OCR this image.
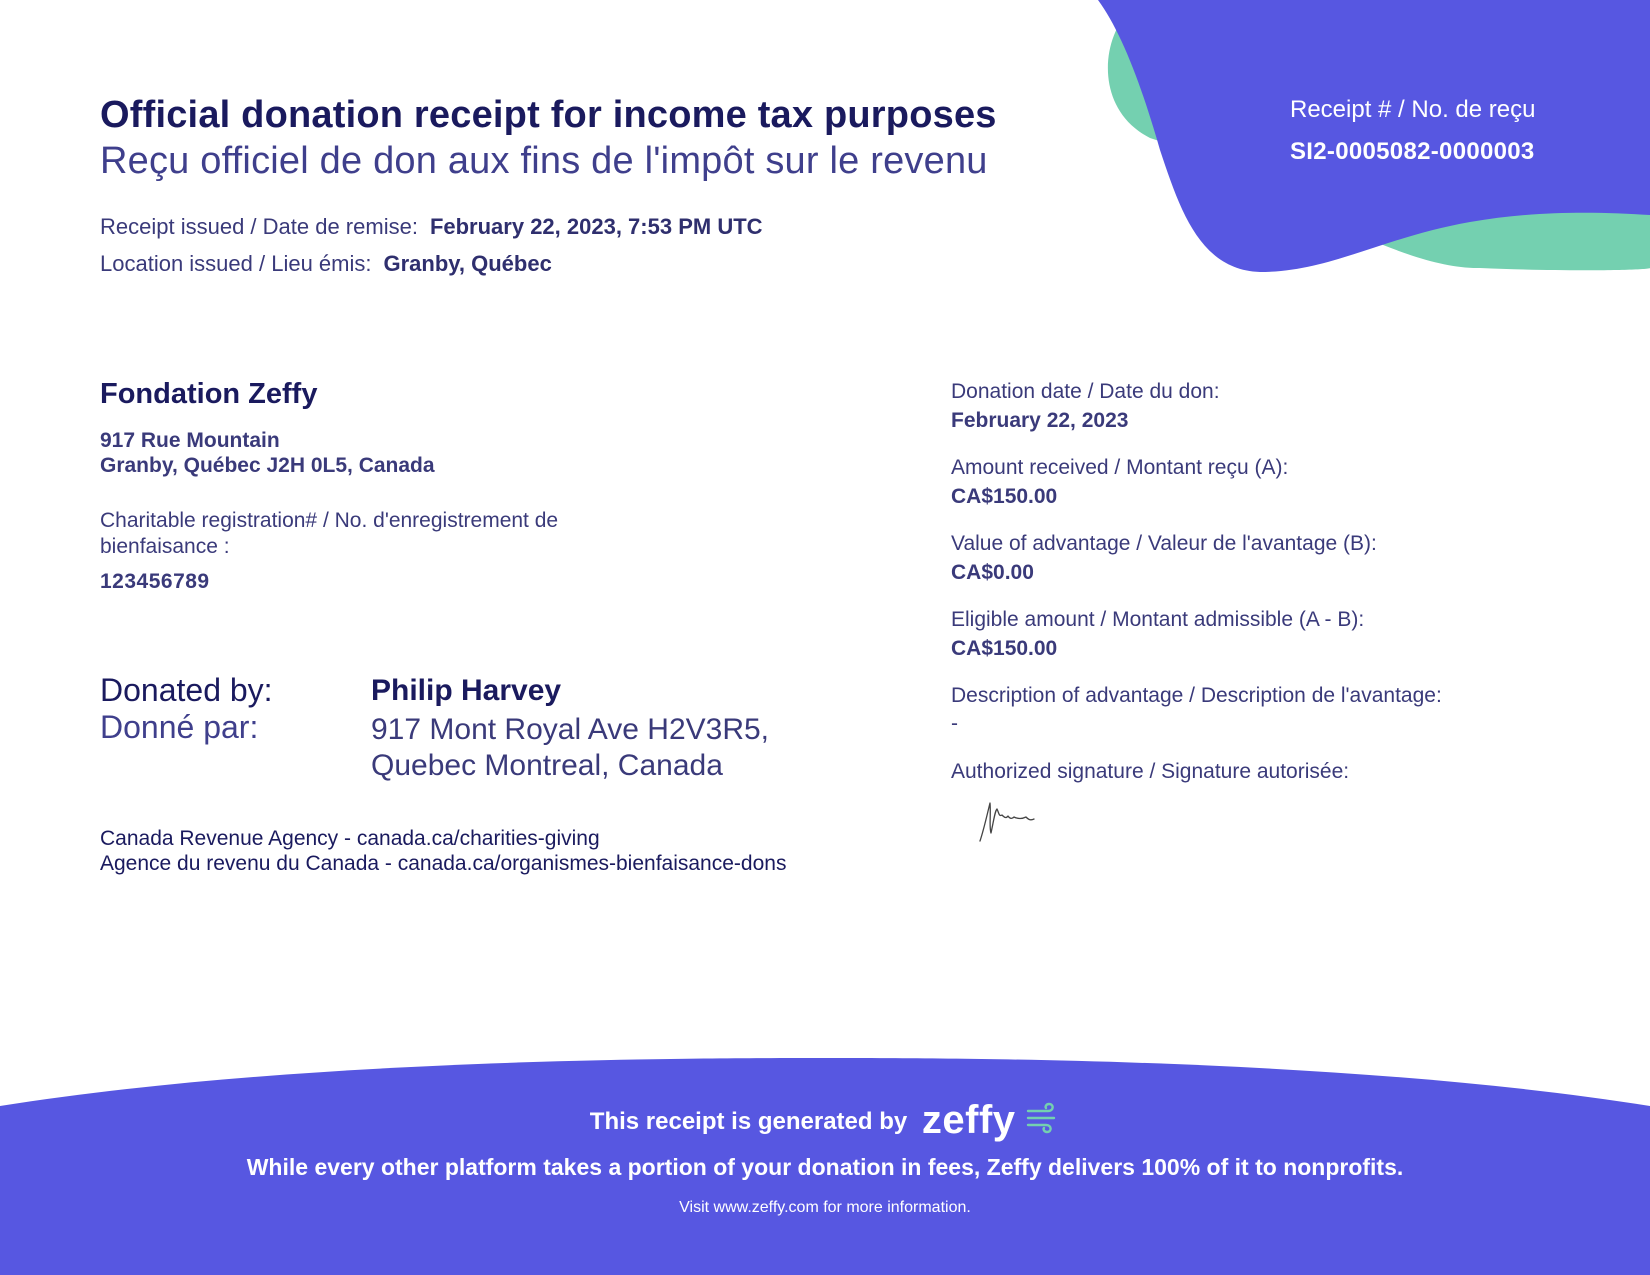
Receipt # / No. de reçu
SI2-0005082-0000003
Official donation receipt for income tax purposes
Reçu officiel de don aux fins de l'impôt sur le revenu
Receipt issued / Date de remise: February 22, 2023, 7:53 PM UTC
Location issued / Lieu émis: Granby, Québec
Fondation Zeffy
917 Rue Mountain
Granby, Québec J2H 0L5, Canada
Charitable registration# / No. d'enregistrement de bienfaisance :
123456789
Donated by:
Donné par:
Philip Harvey
917 Mont Royal Ave H2V3R5,
Quebec Montreal, Canada
Canada Revenue Agency - canada.ca/charities-giving
Agence du revenu du Canada - canada.ca/organismes-bienfaisance-dons
Donation date / Date du don:
February 22, 2023
Amount received / Montant reçu (A):
CA$150.00
Value of advantage / Valeur de l'avantage (B):
CA$0.00
Eligible amount / Montant admissible (A - B):
CA$150.00
Description of advantage / Description de l'avantage:
-
Authorized signature / Signature autorisée:
This receipt is generated by zeffy
While every other platform takes a portion of your donation in fees, Zeffy delivers 100% of it to nonprofits.
Visit www.zeffy.com for more information.
